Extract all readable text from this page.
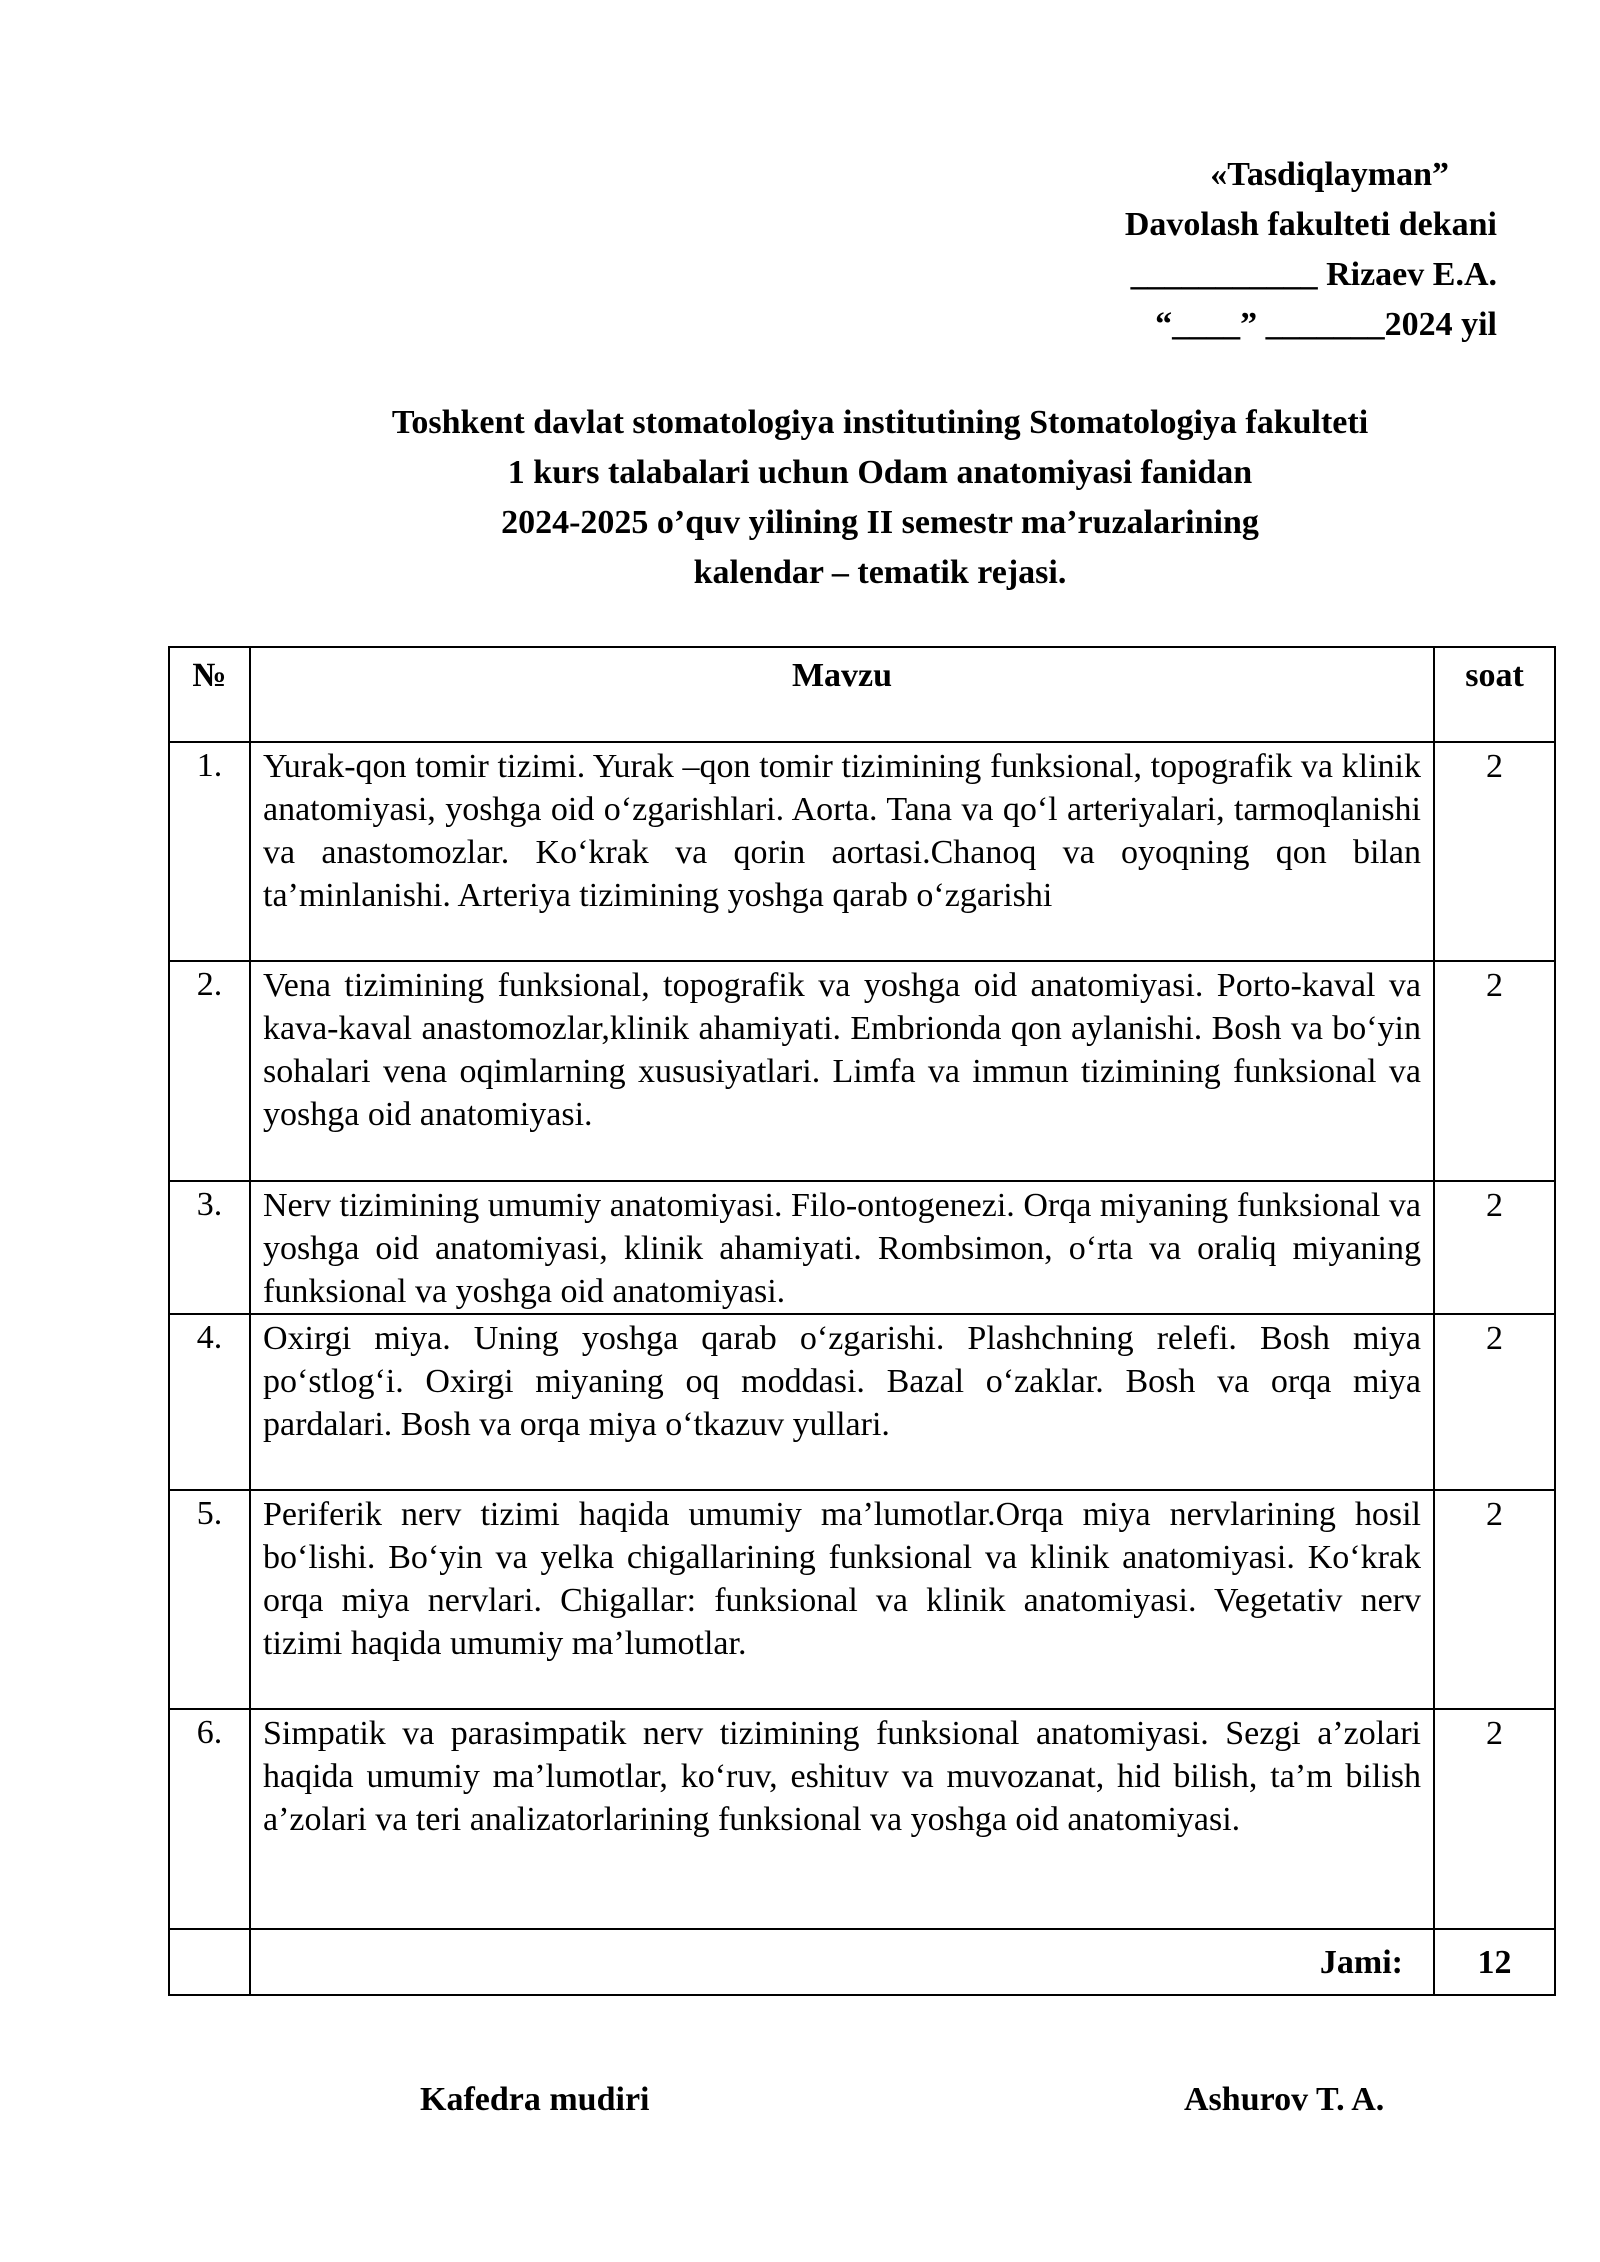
«Tasdiqlayman”
Davolash fakulteti dekani
___________ Rizaev E.A.
“____” _______2024 yil
Toshkent davlat stomatologiya institutining Stomatologiya fakulteti
1 kurs talabalari uchun Odam anatomiyasi fanidan
2024-2025 o’quv yilining II semestr ma’ruzalarining
kalendar – tematik rejasi.
№	Mavzu	soat
1.	Yurak-qon tomir tizimi. Yurak –qon tomir tizimining funksional, topografik va klinik anatomiyasi, yoshga oid o‘zgarishlari. Aorta. Tana va qo‘l arteriyalari, tarmoqlanishi va anastomozlar. Ko‘krak va qorin aortasi.Chanoq va oyoqning qon bilan ta’minlanishi. Arteriya tizimining yoshga qarab o‘zgarishi	2
2.	Vena tizimining funksional, topografik va yoshga oid anatomiyasi. Porto-kaval va kava-kaval anastomozlar,klinik ahamiyati. Embrionda qon aylanishi. Bosh va bo‘yin sohalari vena oqimlarning xususiyatlari. Limfa va immun tizimining funksional va yoshga oid anatomiyasi.	2
3.	Nerv tizimining umumiy anatomiyasi. Filo-ontogenezi. Orqa miyaning funksional va yoshga oid anatomiyasi, klinik ahamiyati. Rombsimon, o‘rta va oraliq miyaning funksional va yoshga oid anatomiyasi.	2
4.	Oxirgi miya. Uning yoshga qarab o‘zgarishi. Plashchning relefi. Bosh miya po‘stlog‘i. Oxirgi miyaning oq moddasi. Bazal o‘zaklar. Bosh va orqa miya pardalari. Bosh va orqa miya o‘tkazuv yullari.	2
5.	Periferik nerv tizimi haqida umumiy ma’lumotlar.Orqa miya nervlarining hosil bo‘lishi. Bo‘yin va yelka chigallarining funksional va klinik anatomiyasi. Ko‘krak orqa miya nervlari. Chigallar: funksional va klinik anatomiyasi. Vegetativ nerv tizimi haqida umumiy ma’lumotlar.	2
6.	Simpatik va parasimpatik nerv tizimining funksional anatomiyasi. Sezgi a’zolari haqida umumiy ma’lumotlar, ko‘ruv, eshituv va muvozanat, hid bilish, ta’m bilish a’zolari va teri analizatorlarining funksional va yoshga oid anatomiyasi.	2
	Jami:	12
Kafedra mudiri	Ashurov T. A.
